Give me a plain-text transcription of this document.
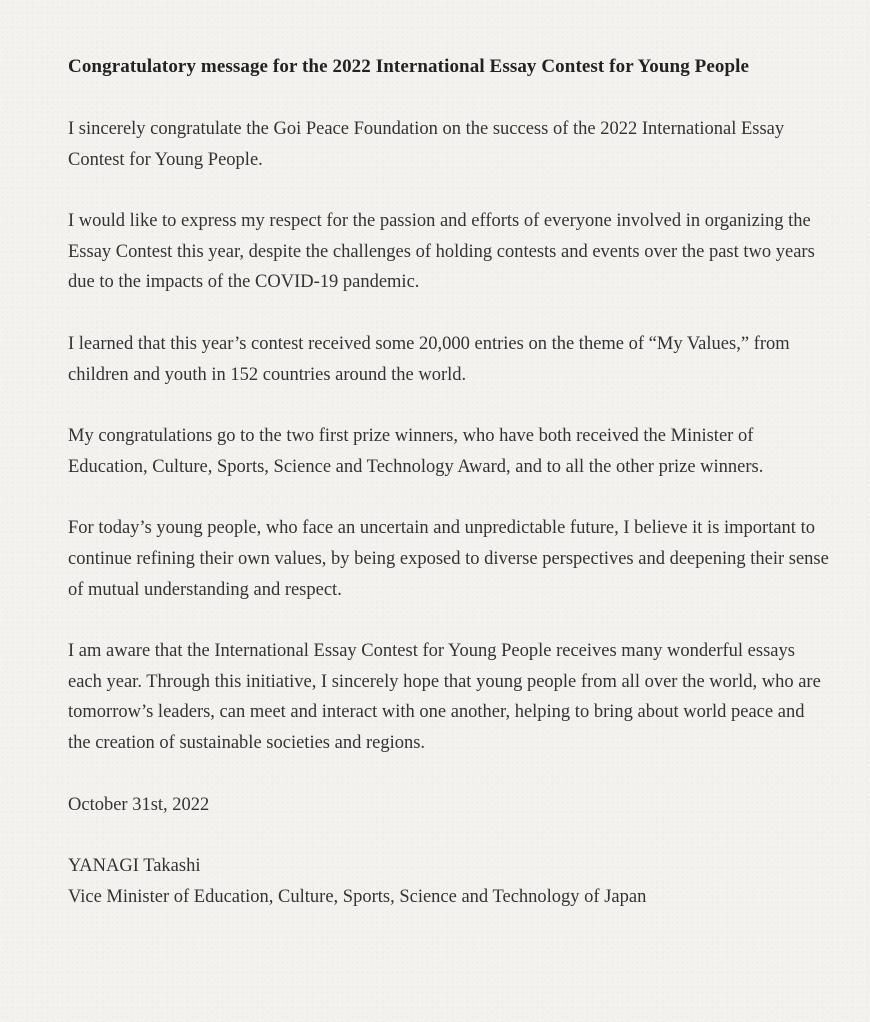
Congratulatory message for the 2022 International Essay Contest for Young People

I sincerely congratulate the Goi Peace Foundation on the success of the 2022 International Essay Contest for Young People.

I would like to express my respect for the passion and efforts of everyone involved in organizing the Essay Contest this year, despite the challenges of holding contests and events over the past two years due to the impacts of the COVID-19 pandemic.

I learned that this year’s contest received some 20,000 entries on the theme of “My Values,” from children and youth in 152 countries around the world.

My congratulations go to the two first prize winners, who have both received the Minister of Education, Culture, Sports, Science and Technology Award, and to all the other prize winners.

For today’s young people, who face an uncertain and unpredictable future, I believe it is important to continue refining their own values, by being exposed to diverse perspectives and deepening their sense of mutual understanding and respect.

I am aware that the International Essay Contest for Young People receives many wonderful essays each year. Through this initiative, I sincerely hope that young people from all over the world, who are tomorrow’s leaders, can meet and interact with one another, helping to bring about world peace and the creation of sustainable societies and regions.

October 31st, 2022

YANAGI Takashi

Vice Minister of Education, Culture, Sports, Science and Technology of Japan
